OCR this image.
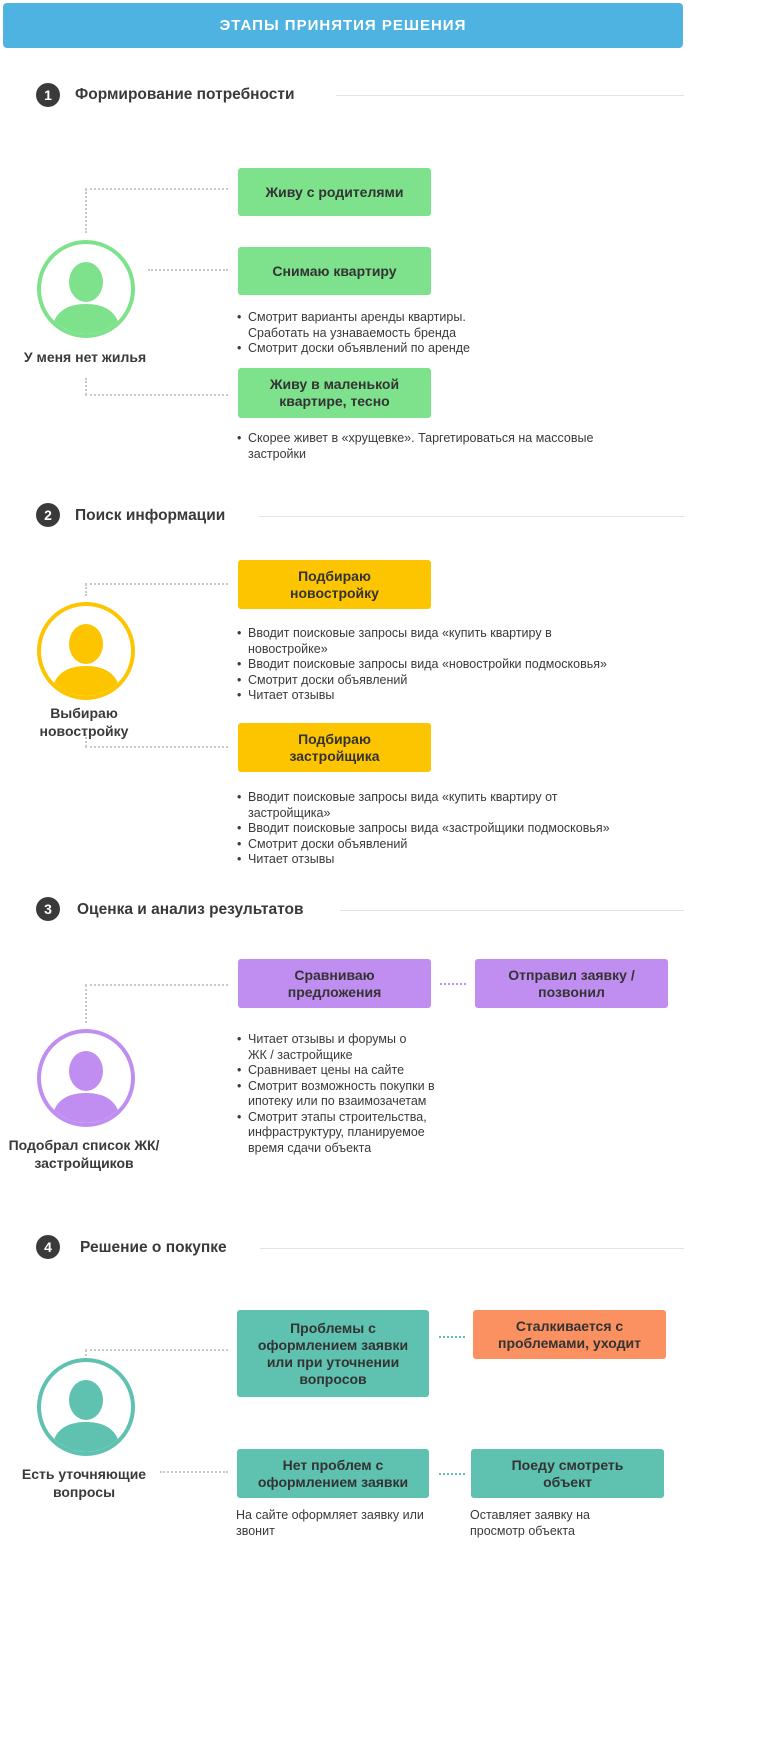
ЭТАПЫ ПРИНЯТИЯ РЕШЕНИЯ
1	Формирование потребности
У меня нет жилья
Живу с родителями
Снимаю квартиру
• Смотрит варианты аренды квартиры. Сработать на узнаваемость бренда
• Смотрит доски объявлений по аренде
Живу в маленькой квартире, тесно
• Скорее живет в «хрущевке». Таргетироваться на массовые застройки
2	Поиск информации
Выбираю новостройку
Подбираю новостройку
• Вводит поисковые запросы вида «купить квартиру в новостройке»
• Вводит поисковые запросы вида «новостройки подмосковья»
• Смотрит доски объявлений
• Читает отзывы
Подбираю застройщика
• Вводит поисковые запросы вида «купить квартиру от застройщика»
• Вводит поисковые запросы вида «застройщики подмосковья»
• Смотрит доски объявлений
• Читает отзывы
3	Оценка и анализ результатов
Подобрал список ЖК/застройщиков
Сравниваю предложения
Отправил заявку /позвонил
• Читает отзывы и форумы о ЖК / застройщике
• Сравнивает цены на сайте
• Смотрит возможность покупки в ипотеку или по взаимозачетам
• Смотрит этапы строительства, инфраструктуру, планируемое время сдачи объекта
4	Решение о покупке
Есть уточняющие вопросы
Проблемы с оформлением заявки или при уточнении вопросов
Сталкивается с проблемами, уходит
Нет проблем с оформлением заявки
Поеду смотреть объект
На сайте оформляет заявку или звонит
Оставляет заявку на просмотр объекта
